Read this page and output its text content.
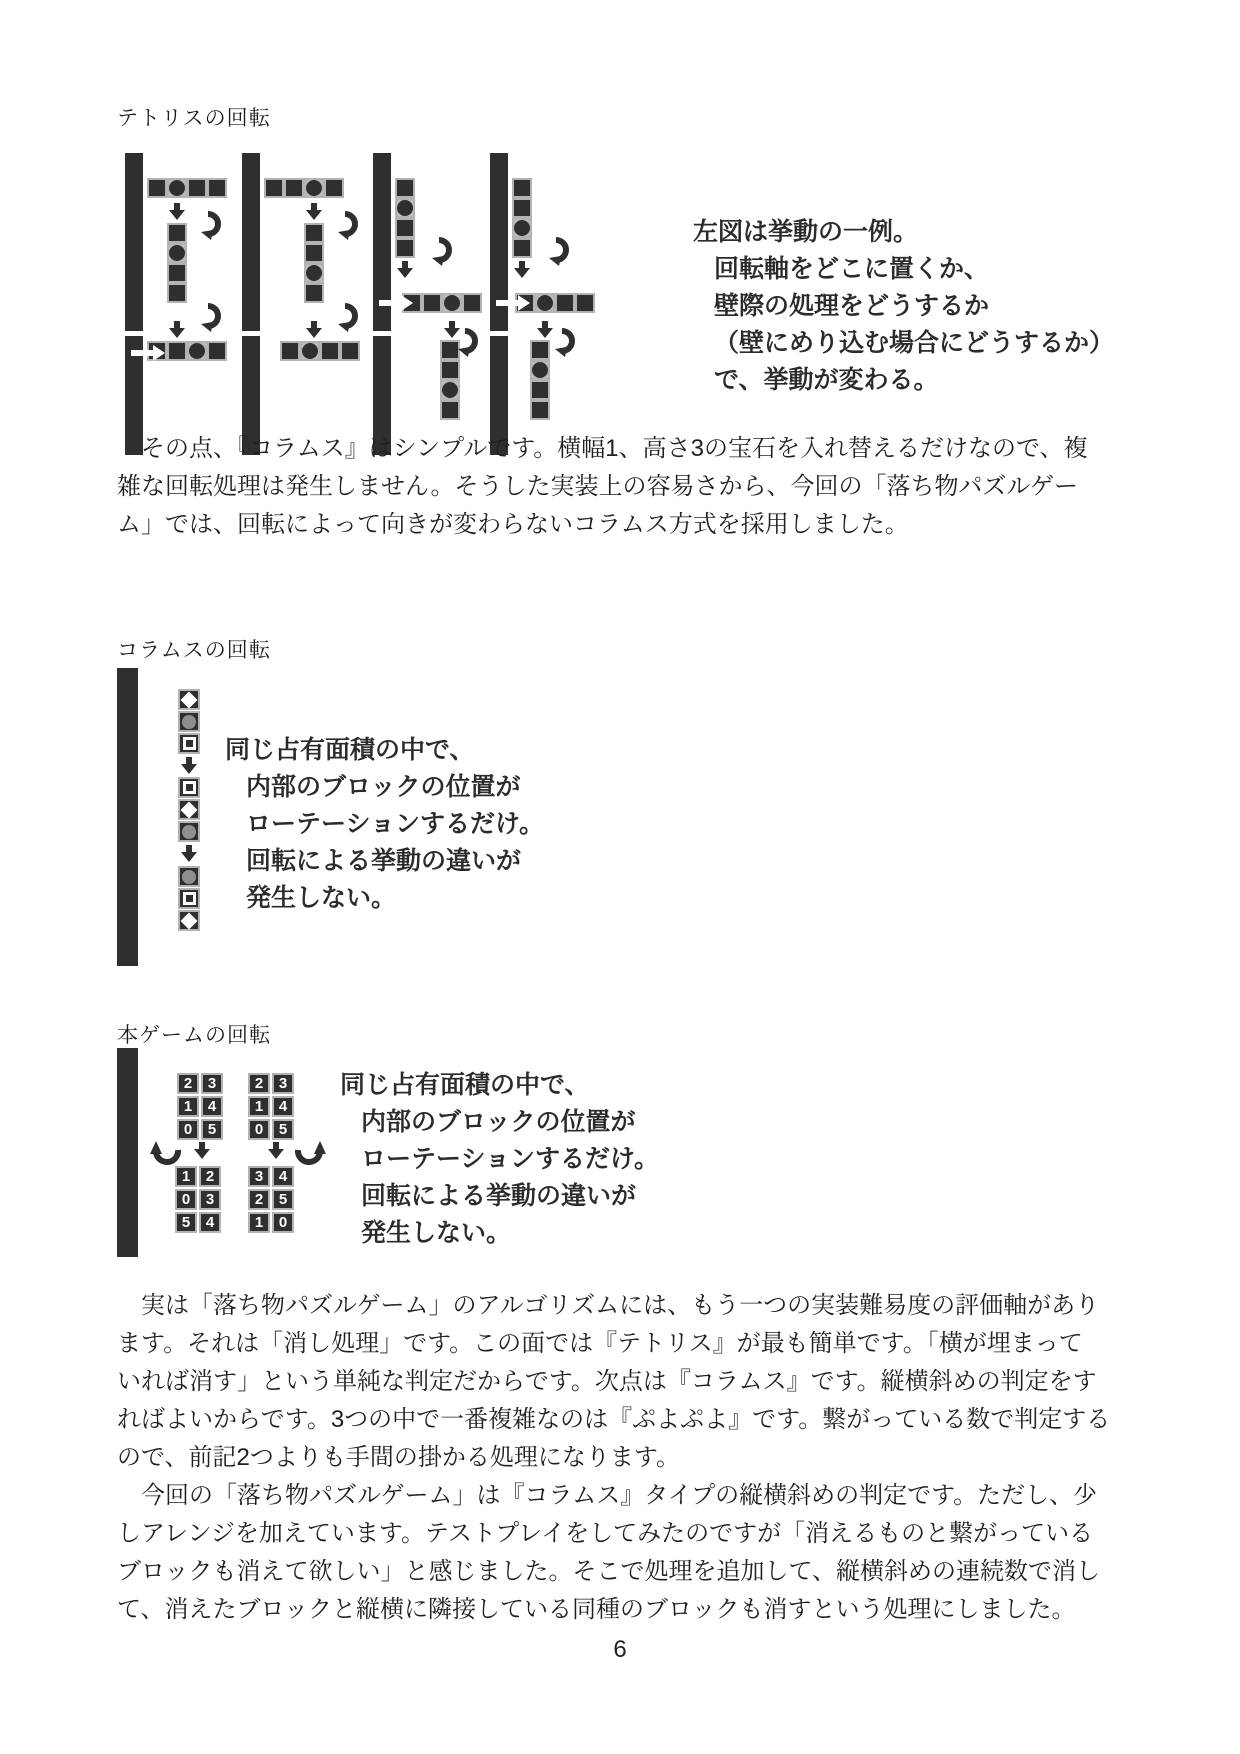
テトリスの回転
左図は挙動の一例。
回転軸をどこに置くか、
壁際の処理をどうするか
（壁にめり込む場合にどうするか）
で、挙動が変わる。
　その点、『コラムス』はシンプルです。横幅1、高さ3の宝石を入れ替えるだけなので、複
雑な回転処理は発生しません。そうした実装上の容易さから、今回の「落ち物パズルゲー
ム」では、回転によって向きが変わらないコラムス方式を採用しました。
コラムスの回転
同じ占有面積の中で、
内部のブロックの位置が
ローテーションするだけ。
回転による挙動の違いが
発生しない。
本ゲームの回転
2	3
1	4
0	5
2	3
1	4
0	5
1	2
0	3
5	4
3	4
2	5
1	0
同じ占有面積の中で、
内部のブロックの位置が
ローテーションするだけ。
回転による挙動の違いが
発生しない。
　実は「落ち物パズルゲーム」のアルゴリズムには、もう一つの実装難易度の評価軸があり
ます。それは「消し処理」です。この面では『テトリス』が最も簡単です。「横が埋まって
いれば消す」という単純な判定だからです。次点は『コラムス』です。縦横斜めの判定をす
ればよいからです。3つの中で一番複雑なのは『ぷよぷよ』です。繋がっている数で判定する
ので、前記2つよりも手間の掛かる処理になります。
　今回の「落ち物パズルゲーム」は『コラムス』タイプの縦横斜めの判定です。ただし、少
しアレンジを加えています。テストプレイをしてみたのですが「消えるものと繋がっている
ブロックも消えて欲しい」と感じました。そこで処理を追加して、縦横斜めの連続数で消し
て、消えたブロックと縦横に隣接している同種のブロックも消すという処理にしました。
6
